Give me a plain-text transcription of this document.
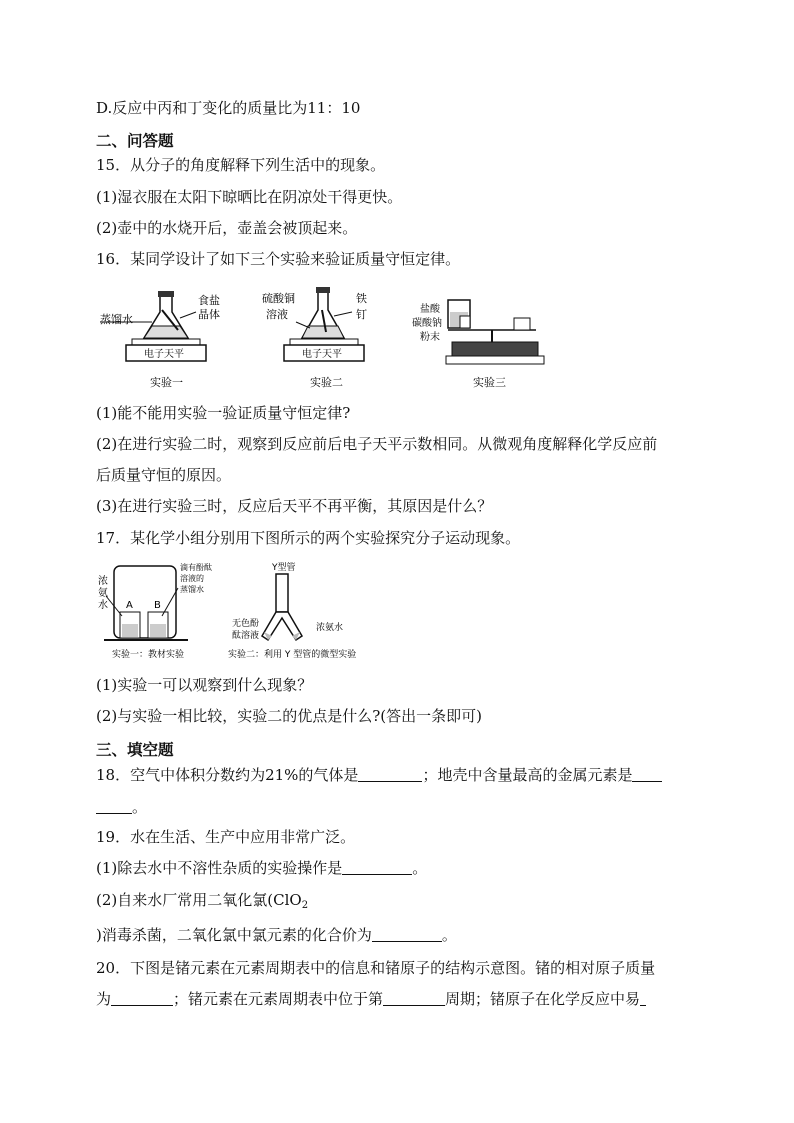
D.反应中丙和丁变化的质量比为11：10
二、问答题
15．从分子的角度解释下列生活中的现象。
(1)湿衣服在太阳下晾晒比在阴凉处干得更快。
(2)壶中的水烧开后，壶盖会被顶起来。
16．某同学设计了如下三个实验来验证质量守恒定律。
蒸馏水
食盐
晶体
电子天平
实验一
硫酸铜
溶液
铁
钉
电子天平
实验二
盐酸
碳酸钠
粉末
实验三
(1)能不能用实验一验证质量守恒定律?
(2)在进行实验二时，观察到反应前后电子天平示数相同。从微观角度解释化学反应前
后质量守恒的原因。
(3)在进行实验三时，反应后天平不再平衡，其原因是什么？
17．某化学小组分别用下图所示的两个实验探究分子运动现象。
浓
氨
水 A B
滴有酚酞
溶液的
蒸馏水
实验一：教材实验
Y型管
无色酚
酞溶液
浓氨水
实验二：利用 Y 型管的微型实验
(1)实验一可以观察到什么现象？
(2)与实验一相比较，实验二的优点是什么?(答出一条即可)
三、填空题
18．空气中体积分数约为21%的气体是	；地壳中含量最高的金属元素是
。
19．水在生活、生产中应用非常广泛。
(1)除去水中不溶性杂质的实验操作是	。
(2)自来水厂常用二氧化氯(ClO$_2$
)消毒杀菌，二氧化氯中氯元素的化合价为	。
20．下图是锗元素在元素周期表中的信息和锗原子的结构示意图。锗的相对原子质量
为	；锗元素在元素周期表中位于第	周期；锗原子在化学反应中易
